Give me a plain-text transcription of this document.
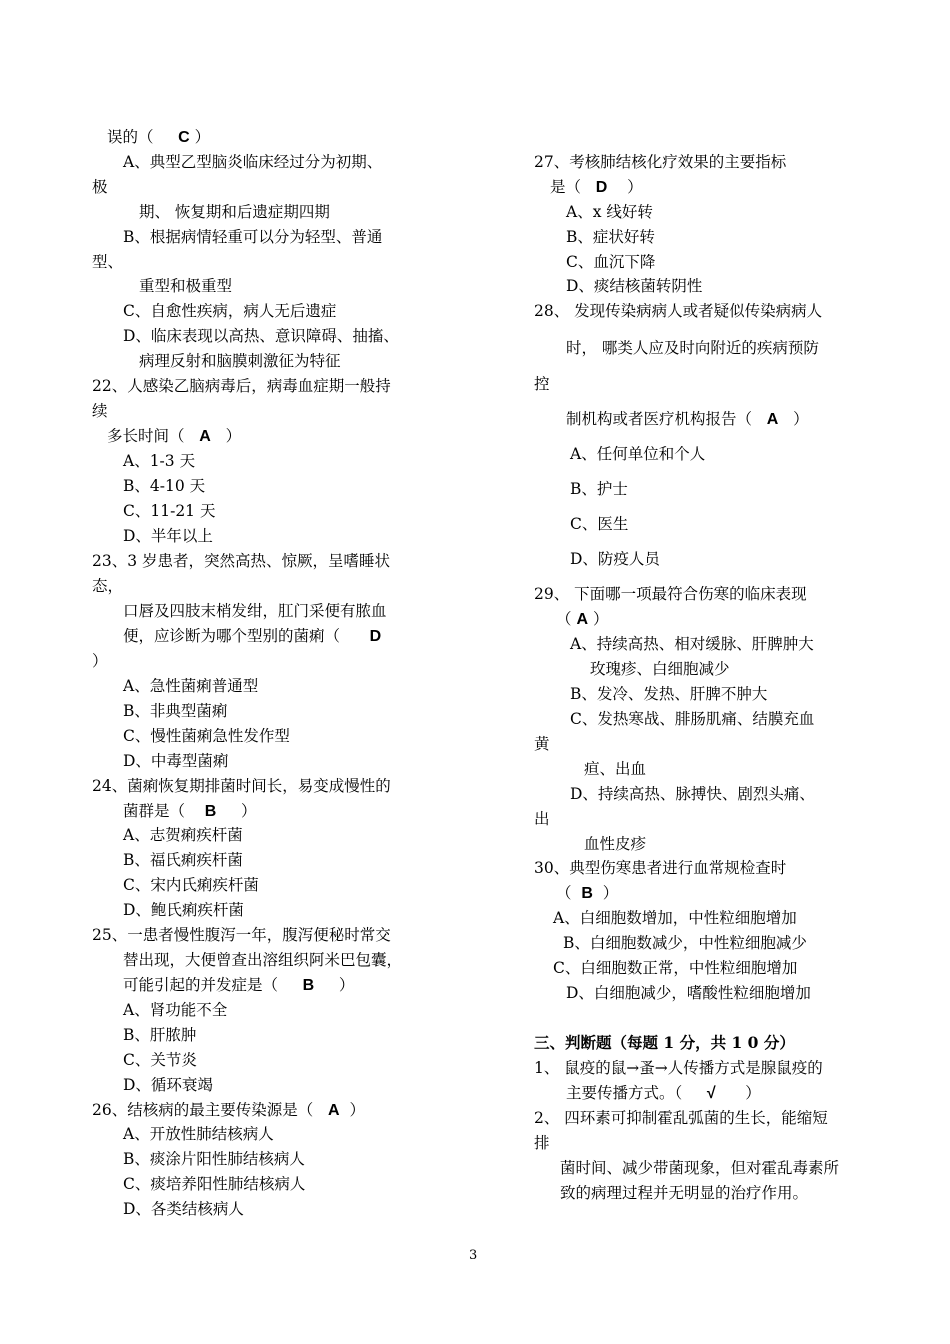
误的（ C ）
A、典型乙型脑炎临床经过分为初期、
极
期、 恢复期和后遗症期四期
B、根据病情轻重可以分为轻型、普通
型、
重型和极重型
C、自愈性疾病，病人无后遗症
D、临床表现以高热、意识障碍、抽搐、
病理反射和脑膜刺激征为特征
22、人感染乙脑病毒后，病毒血症期一般持
续
多长时间（ A ）
A、1-3 天
B、4-10 天
C、11-21 天
D、半年以上
23、3 岁患者，突然高热、惊厥，呈嗜睡状
态，
口唇及四肢末梢发绀，肛门采便有脓血
便，应诊断为哪个型别的菌痢（ D
）
A、急性菌痢普通型
B、非典型菌痢
C、慢性菌痢急性发作型
D、中毒型菌痢
24、菌痢恢复期排菌时间长，易变成慢性的
菌群是（ B ）
A、志贺痢疾杆菌
B、福氏痢疾杆菌
C、宋内氏痢疾杆菌
D、鲍氏痢疾杆菌
25、一患者慢性腹泻一年，腹泻便秘时常交
替出现，大便曾查出溶组织阿米巴包囊，
可能引起的并发症是（ B ）
A、肾功能不全
B、肝脓肿
C、关节炎
D、循环衰竭
26、结核病的最主要传染源是（ A ）
A、开放性肺结核病人
B、痰涂片阳性肺结核病人
C、痰培养阳性肺结核病人
D、各类结核病人
27、考核肺结核化疗效果的主要指标
是（ D ）
A、x 线好转
B、症状好转
C、血沉下降
D、痰结核菌转阴性
28、 发现传染病病人或者疑似传染病病人
时， 哪类人应及时向附近的疾病预防
控
制机构或者医疗机构报告（ A ）
A、任何单位和个人
B、护士
C、医生
D、防疫人员
29、 下面哪一项最符合伤寒的临床表现
（ A ）
A、持续高热、相对缓脉、肝脾肿大
玫瑰疹、白细胞减少
B、发冷、发热、肝脾不肿大
C、发热寒战、腓肠肌痛、结膜充血
黄
疸、出血
D、持续高热、脉搏快、剧烈头痛、
出
血性皮疹
30、典型伤寒患者进行血常规检查时
（ B ）
A、白细胞数增加，中性粒细胞增加
B、白细胞数减少，中性粒细胞减少
C、白细胞数正常，中性粒细胞增加
D、白细胞减少，嗜酸性粒细胞增加
三、判断题（每题 1 分，共 1 0 分）
1、 鼠疫的鼠→蚤→人传播方式是腺鼠疫的
主要传播方式。（ √ ）
2、 四环素可抑制霍乱弧菌的生长，能缩短
排
菌时间、减少带菌现象，但对霍乱毒素所
致的病理过程并无明显的治疗作用。
3
